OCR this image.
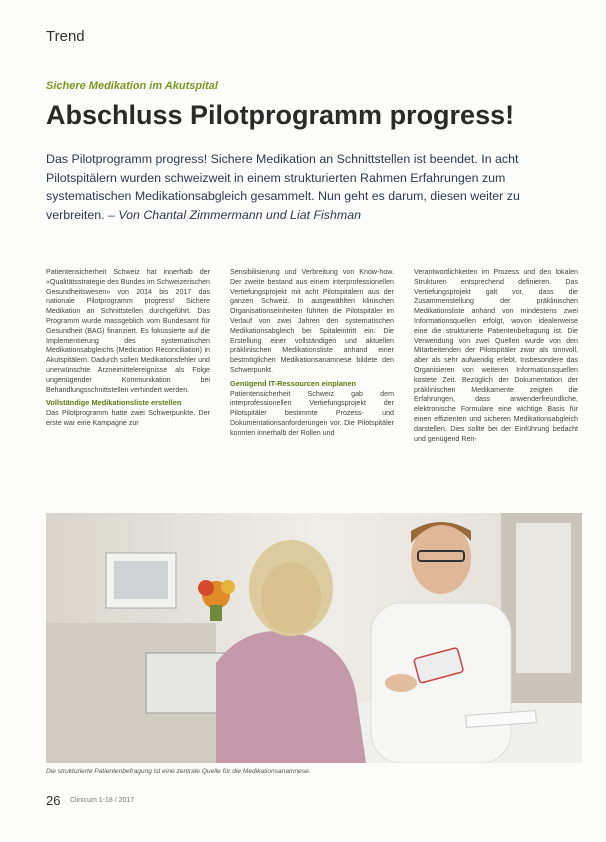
Trend
Sichere Medikation im Akutspital
Abschluss Pilotprogramm progress!
Das Pilotprogramm progress! Sichere Medikation an Schnittstellen ist beendet. In acht Pilotspitälern wurden schweizweit in einem strukturierten Rahmen Erfahrungen zum systematischen Medikationsabgleich gesammelt. Nun geht es darum, diesen weiter zu verbreiten. – Von Chantal Zimmermann und Liat Fishman

Patientensicherheit Schweiz hat innerhalb der «Qualitätsstrategie des Bundes im Schweizerischen Gesundheitswesen» von 2014 bis 2017 das nationale Pilotprogramm progress! Sichere Medikation an Schnittstellen durchgeführt. Das Programm wurde massgeblich vom Bundesamt für Gesundheit (BAG) finanziert. Es fokussierte auf die Implementierung des systematischen Medikationsabgleichs (Medication Reconciliation) in Akutspitälern. Dadurch sollen Medikationsfehler und unerwünschte Arzneimittelereignisse als Folge ungenügender Kommunikation bei Behandlungsschnittstellen verhindert werden.

Vollständige Medikationsliste erstellen

Das Pilotprogramm hatte zwei Schwerpunkte. Der erste war eine Kampagne zur

Sensibilisierung und Verbreitung von Know-how. Der zweite bestand aus einem interprofessionellen Vertiefungsprojekt mit acht Pilotspitälern aus der ganzen Schweiz. In ausgewählten klinischen Organisationseinheiten führten die Pilotspitäler im Verlauf von zwei Jahren den systematischen Medikationsabgleich bei Spitaleintritt ein. Die Erstellung einer vollständigen und aktuellen präklinischen Medikationsliste anhand einer bestmöglichen Medikationsanamnese bildete den Schwerpunkt.

Genügend IT-Ressourcen einplanen

Patientensicherheit Schweiz gab dem interprofessionellen Vertiefungsprojekt der Pilotspitäler bestimmte Prozess- und Dokumentationsanforderungen vor. Die Pilotspitäler konnten innerhalb der Rollen und

Verantwortlichkeiten im Prozess und den lokalen Strukturen entsprechend definieren. Das Vertiefungsprojekt galt vor, dass die Zusammenstellung der präklinischen Medikationsliste anhand von mindestens zwei Informationsquellen erfolgt, wovon idealerweise eine die strukturierte Patientenbefragung ist. Die Verwendung von zwei Quellen wurde von den Mitarbeitenden der Pilotspitäler zwar als sinnvoll, aber als sehr aufwendig erlebt. Insbesondere das Organisieren von weiteren Informationsquellen kostete Zeit. Bezüglich der Dokumentation der präklinischen Medikamente zeigten die Erfahrungen, dass anwenderfreundliche, elektronische Formulare eine wichtige Basis für einen effizienten und sicheren Medikationsabgleich darstellen. Dies sollte bei der Einführung bedacht und genügend Ren-

Die strukturierte Patientenbefragung ist eine zentrale Quelle für die Medikationsanamnese.
26 Clinicum 1-18 / 2017
